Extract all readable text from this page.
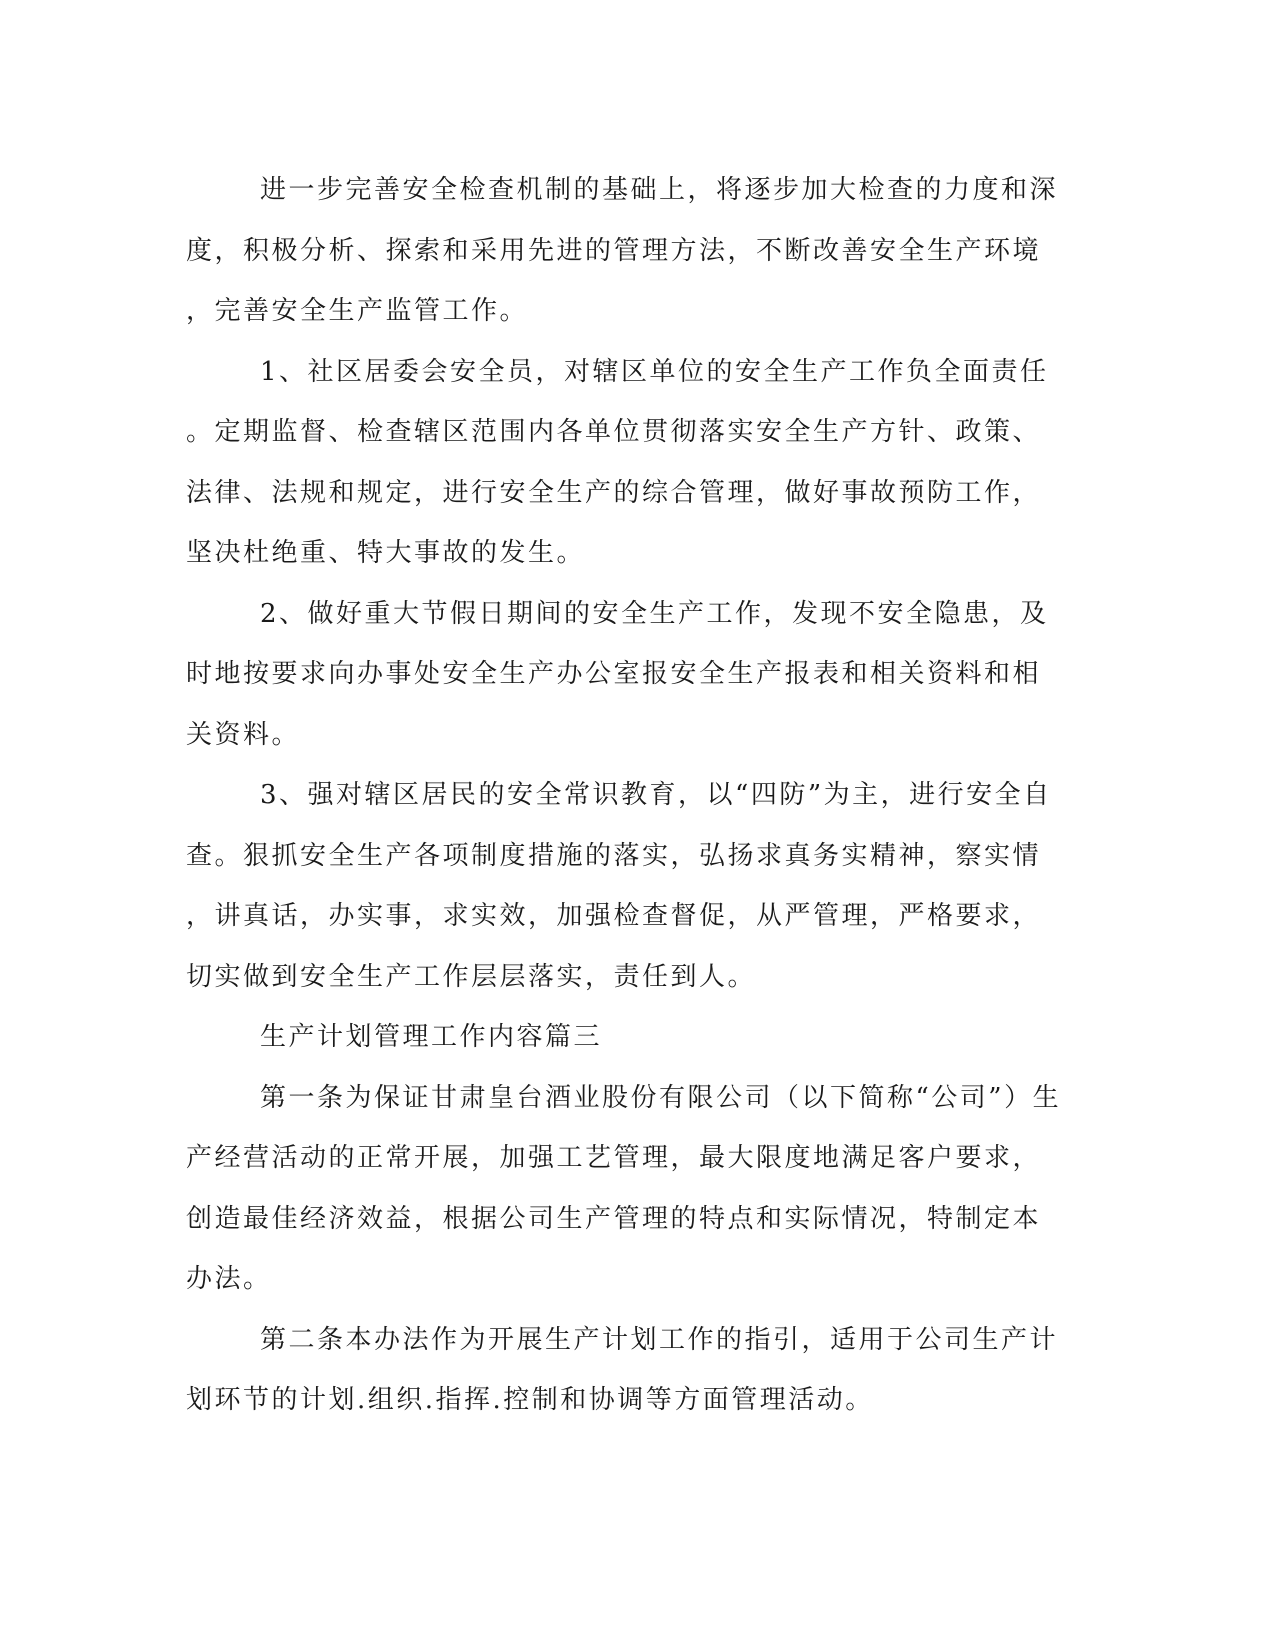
进一步完善安全检查机制的基础上，将逐步加大检查的力度和深
度，积极分析、探索和采用先进的管理方法，不断改善安全生产环境
，完善安全生产监管工作。
1、社区居委会安全员，对辖区单位的安全生产工作负全面责任
。定期监督、检查辖区范围内各单位贯彻落实安全生产方针、政策、
法律、法规和规定，进行安全生产的综合管理，做好事故预防工作，
坚决杜绝重、特大事故的发生。
2、做好重大节假日期间的安全生产工作，发现不安全隐患，及
时地按要求向办事处安全生产办公室报安全生产报表和相关资料和相
关资料。
3、强对辖区居民的安全常识教育，以“四防”为主，进行安全自
查。狠抓安全生产各项制度措施的落实，弘扬求真务实精神，察实情
，讲真话，办实事，求实效，加强检查督促，从严管理，严格要求，
切实做到安全生产工作层层落实，责任到人。
生产计划管理工作内容篇三
第一条为保证甘肃皇台酒业股份有限公司（以下简称“公司”）生
产经营活动的正常开展，加强工艺管理，最大限度地满足客户要求，
创造最佳经济效益，根据公司生产管理的特点和实际情况，特制定本
办法。
第二条本办法作为开展生产计划工作的指引，适用于公司生产计
划环节的计划.组织.指挥.控制和协调等方面管理活动。
